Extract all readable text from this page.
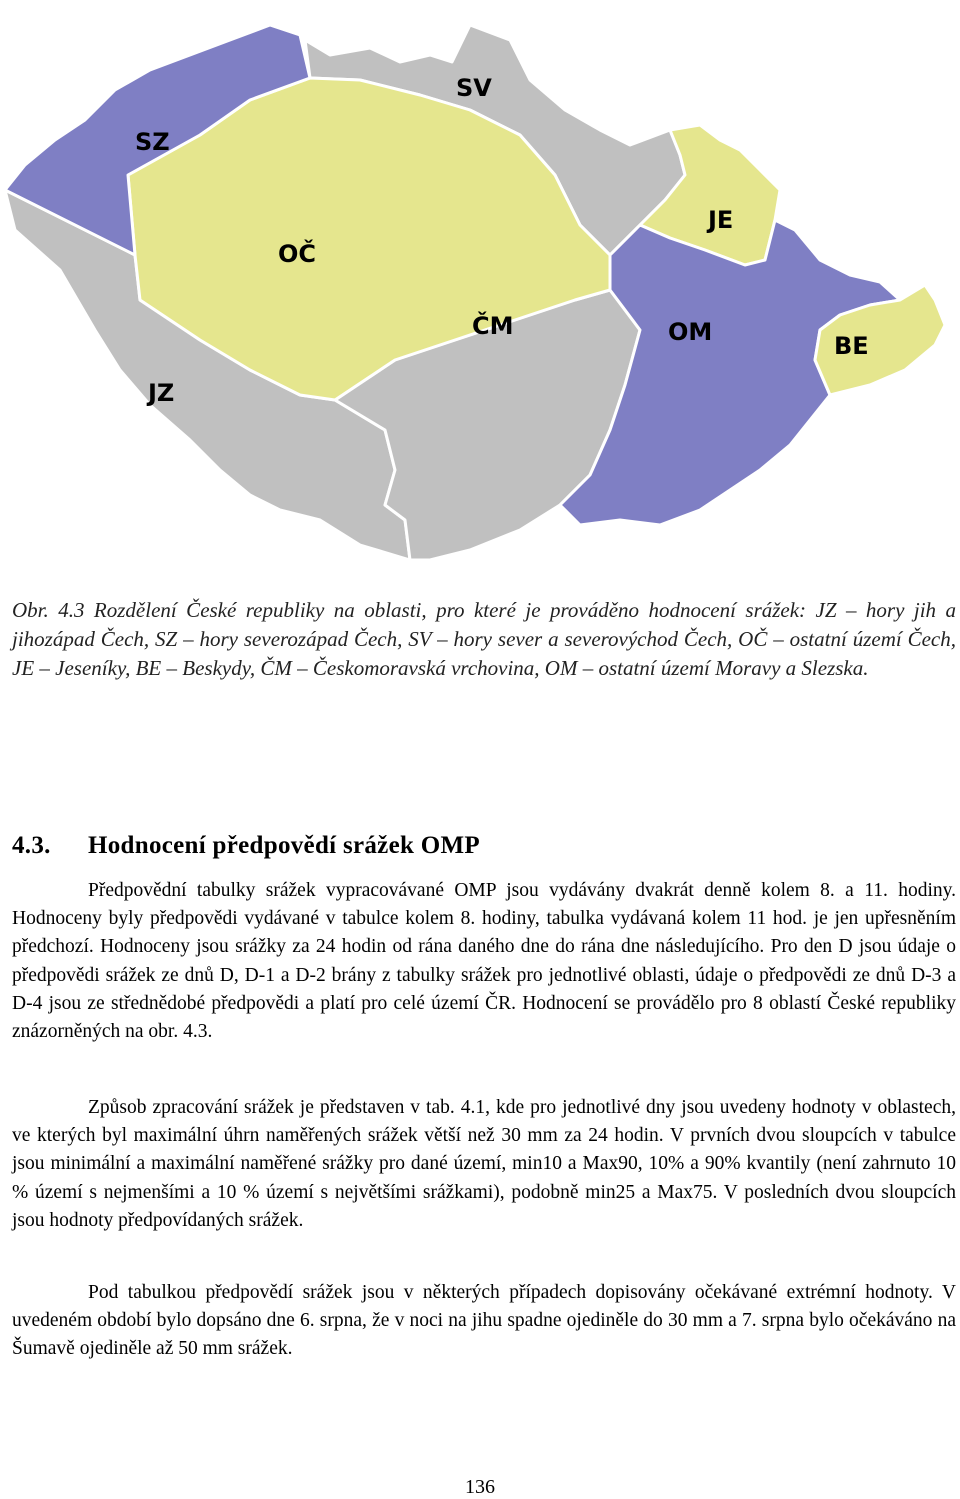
SZ
SV
OČ
JE
ČM	OM	BE
JZ

Obr. 4.3 Rozdělení České republiky na oblasti, pro které je prováděno hodnocení srážek: JZ – hory jih a jihozápad Čech, SZ – hory severozápad Čech, SV – hory sever a severovýchod Čech, OČ – ostatní území Čech, JE – Jeseníky, BE – Beskydy, ČM – Českomoravská vrchovina, OM – ostatní území Moravy a Slezska.

4.3. Hodnocení předpovědí srážek OMP

Předpovědní tabulky srážek vypracovávané OMP jsou vydávány dvakrát denně kolem 8. a 11. hodiny. Hodnoceny byly předpovědi vydávané v tabulce kolem 8. hodiny, tabulka vydávaná kolem 11 hod. je jen upřesněním předchozí. Hodnoceny jsou srážky za 24 hodin od rána daného dne do rána dne následujícího. Pro den D jsou údaje o předpovědi srážek ze dnů D, D-1 a D-2 brány z tabulky srážek pro jednotlivé oblasti, údaje o předpovědi ze dnů D-3 a D-4 jsou ze střednědobé předpovědi a platí pro celé území ČR. Hodnocení se provádělo pro 8 oblastí České republiky znázorněných na obr. 4.3.

Způsob zpracování srážek je představen v tab. 4.1, kde pro jednotlivé dny jsou uvedeny hodnoty v oblastech, ve kterých byl maximální úhrn naměřených srážek větší než 30 mm za 24 hodin. V prvních dvou sloupcích v tabulce jsou minimální a maximální naměřené srážky pro dané území, min10 a Max90, 10% a 90% kvantily (není zahrnuto 10 % území s nejmenšími a 10 % území s největšími srážkami), podobně min25 a Max75. V posledních dvou sloupcích jsou hodnoty předpovídaných srážek.

Pod tabulkou předpovědí srážek jsou v některých případech dopisovány očekávané extrémní hodnoty. V uvedeném období bylo dopsáno dne 6. srpna, že v noci na jihu spadne ojediněle do 30 mm a 7. srpna bylo očekáváno na Šumavě ojediněle až 50 mm srážek.

136
